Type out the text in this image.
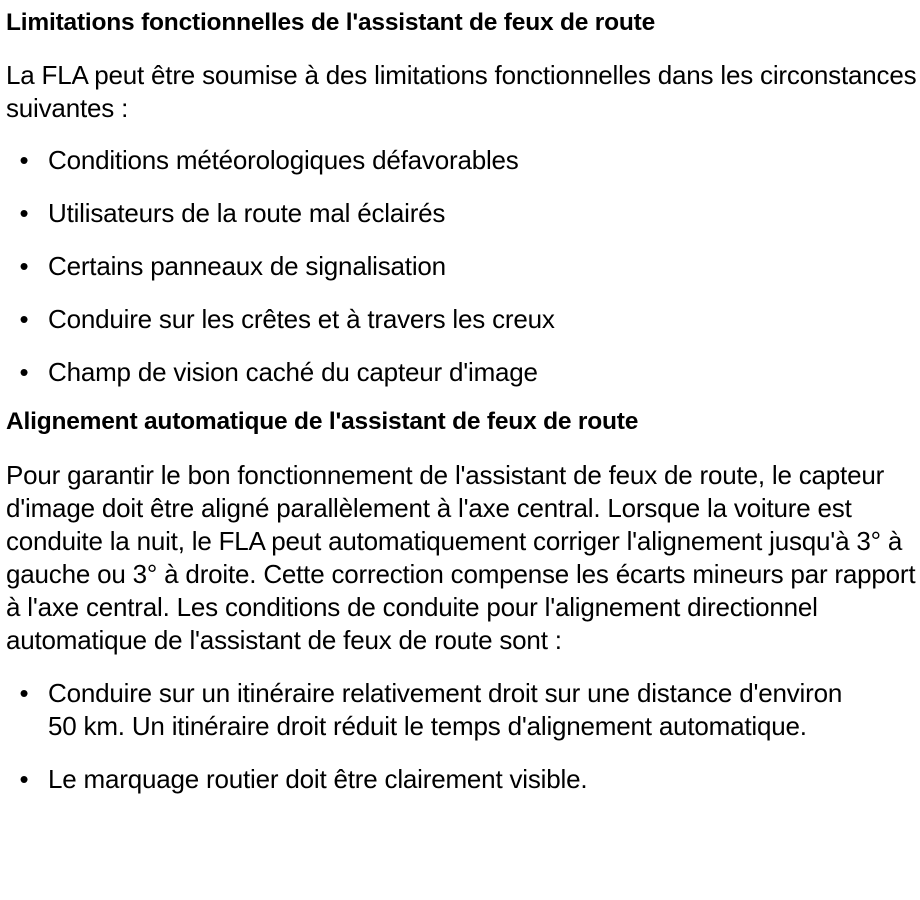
Limitations fonctionnelles de l'assistant de feux de route

La FLA peut être soumise à des limitations fonctionnelles dans les circonstances suivantes :

• Conditions météorologiques défavorables
• Utilisateurs de la route mal éclairés
• Certains panneaux de signalisation
• Conduire sur les crêtes et à travers les creux
• Champ de vision caché du capteur d'image
Alignement automatique de l'assistant de feux de route

Pour garantir le bon fonctionnement de l'assistant de feux de route, le capteur d'image doit être aligné parallèlement à l'axe central. Lorsque la voiture est conduite la nuit, le FLA peut automatiquement corriger l'alignement jusqu'à 3° à gauche ou 3° à droite. Cette correction compense les écarts mineurs par rapport à l'axe central. Les conditions de conduite pour l'alignement directionnel automatique de l'assistant de feux de route sont :

• Conduire sur un itinéraire relativement droit sur une distance d'environ 50 km. Un itinéraire droit réduit le temps d'alignement automatique.
• Le marquage routier doit être clairement visible.
